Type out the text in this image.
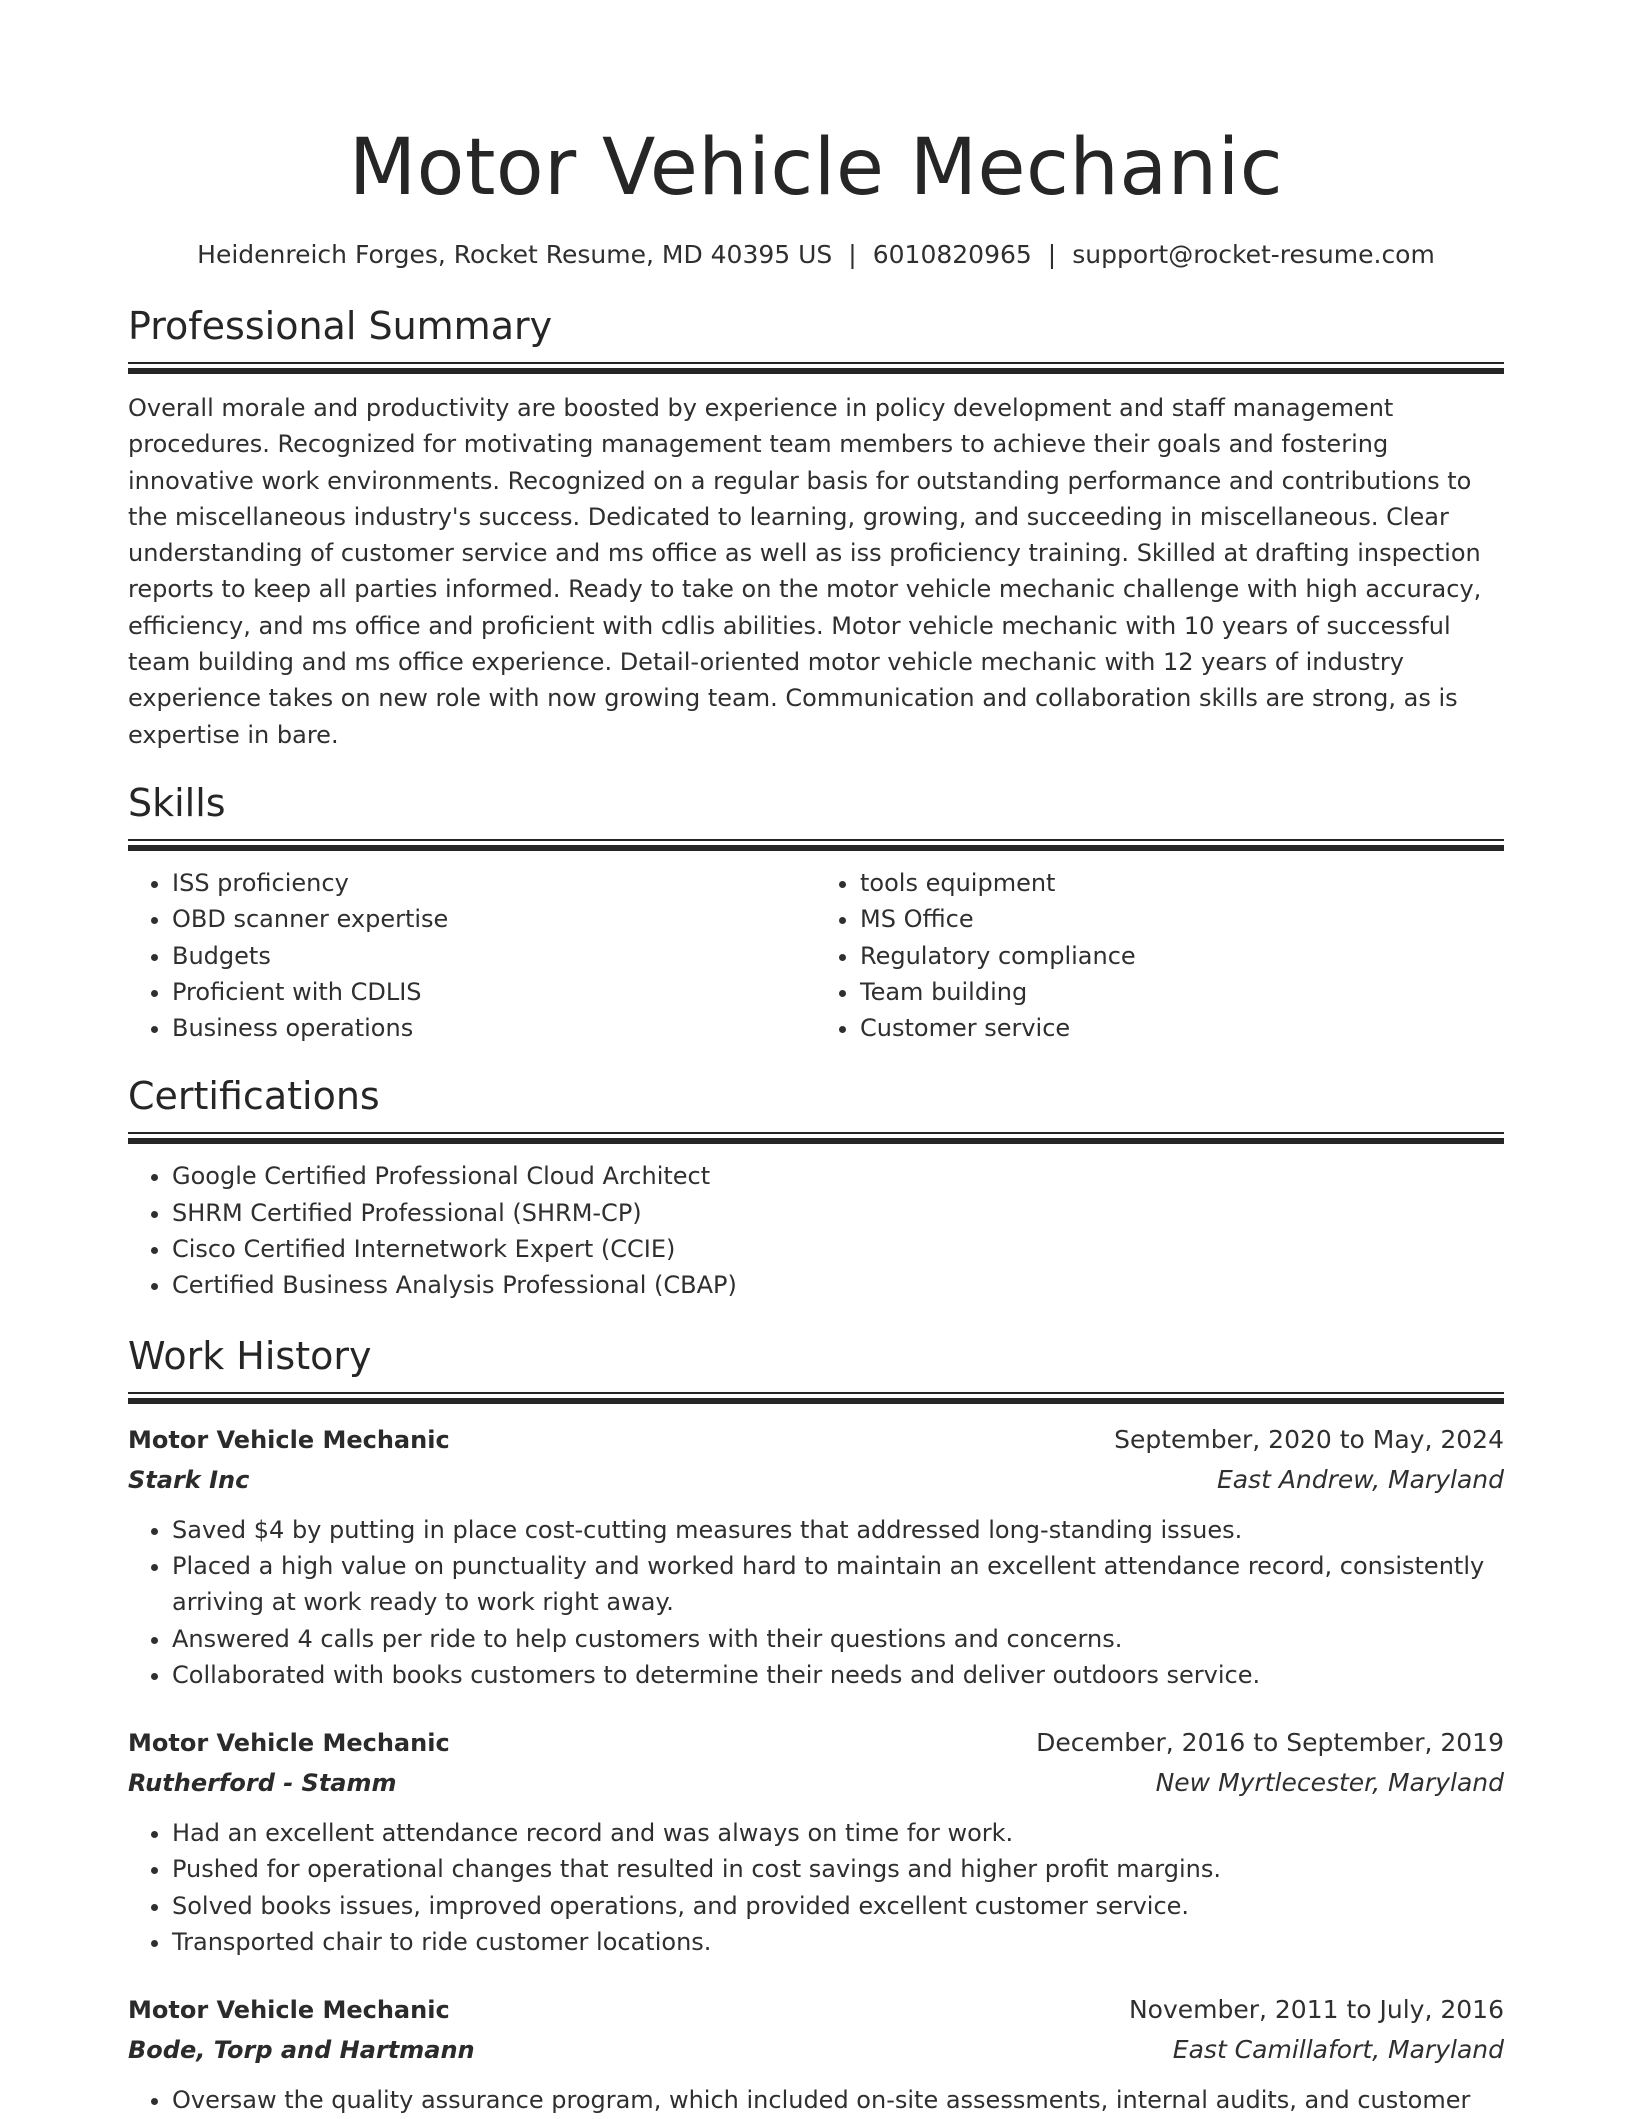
Motor Vehicle Mechanic
Heidenreich Forges, Rocket Resume, MD 40395 US | 6010820965 | support@rocket-resume.com
Professional Summary

Overall morale and productivity are boosted by experience in policy development and staff management procedures. Recognized for motivating management team members to achieve their goals and fostering innovative work environments. Recognized on a regular basis for outstanding performance and contributions to the miscellaneous industry's success. Dedicated to learning, growing, and succeeding in miscellaneous. Clear understanding of customer service and ms office as well as iss proficiency training. Skilled at drafting inspection reports to keep all parties informed. Ready to take on the motor vehicle mechanic challenge with high accuracy, efficiency, and ms office and proficient with cdlis abilities. Motor vehicle mechanic with 10 years of successful team building and ms office experience. Detail-oriented motor vehicle mechanic with 12 years of industry experience takes on new role with now growing team. Communication and collaboration skills are strong, as is expertise in bare.

Skills
• ISS proficiency
• OBD scanner expertise
• Budgets
• Proficient with CDLIS
• Business operations
• tools equipment
• MS Office
• Regulatory compliance
• Team building
• Customer service
Certifications
• Google Certified Professional Cloud Architect
• SHRM Certified Professional (SHRM-CP)
• Cisco Certified Internetwork Expert (CCIE)
• Certified Business Analysis Professional (CBAP)
Work History
Motor Vehicle Mechanic	September, 2020 to May, 2024
Stark Inc	East Andrew, Maryland
• Saved $4 by putting in place cost-cutting measures that addressed long-standing issues.
• Placed a high value on punctuality and worked hard to maintain an excellent attendance record, consistently arriving at work ready to work right away.
• Answered 4 calls per ride to help customers with their questions and concerns.
• Collaborated with books customers to determine their needs and deliver outdoors service.
Motor Vehicle Mechanic	December, 2016 to September, 2019
Rutherford - Stamm	New Myrtlecester, Maryland
• Had an excellent attendance record and was always on time for work.
• Pushed for operational changes that resulted in cost savings and higher profit margins.
• Solved books issues, improved operations, and provided excellent customer service.
• Transported chair to ride customer locations.
Motor Vehicle Mechanic	November, 2011 to July, 2016
Bode, Torp and Hartmann	East Camillafort, Maryland
• Oversaw the quality assurance program, which included on-site assessments, internal audits, and customer
